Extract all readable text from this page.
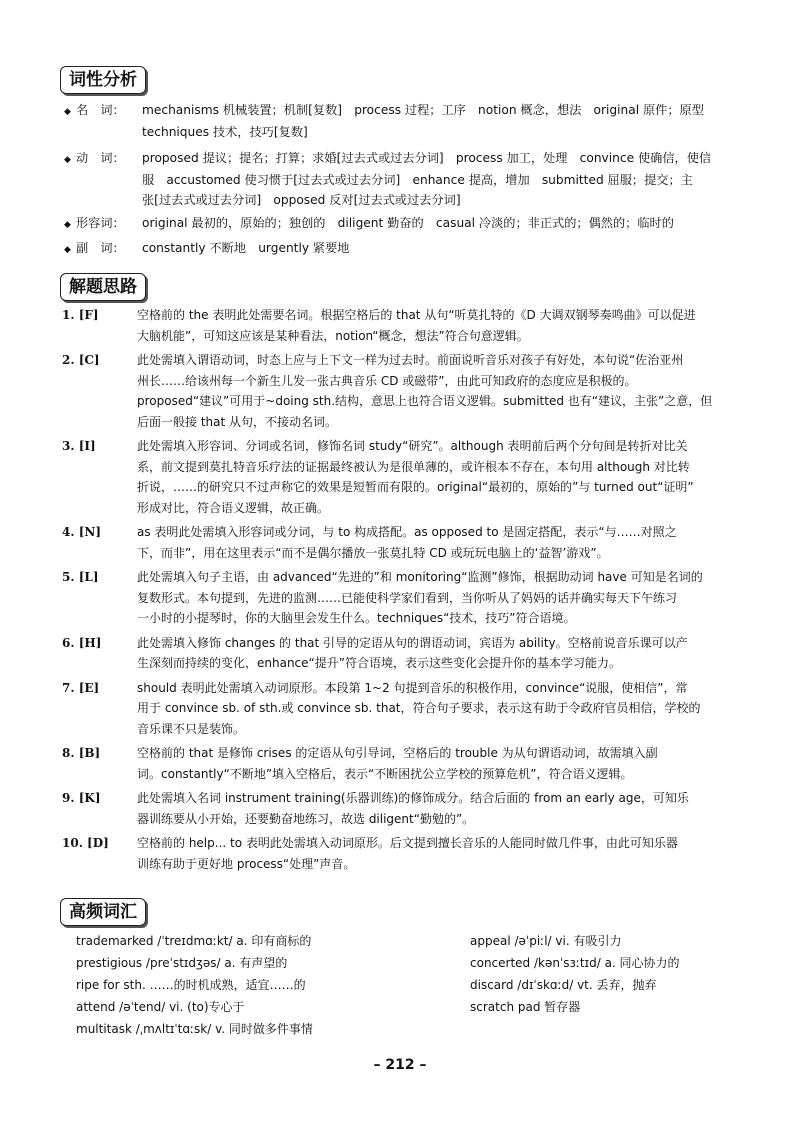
词性分析
◆ 名　词： mechanisms 机械装置；机制[复数]　process 过程；工序　notion 概念，想法　original 原件；原型
techniques 技术，技巧[复数]
◆ 动　词： proposed 提议；提名；打算；求婚[过去式或过去分词]　process 加工，处理　convince 使确信，使信
服　accustomed 使习惯于[过去式或过去分词]　enhance 提高，增加　submitted 屈服；提交；主
张[过去式或过去分词]　opposed 反对[过去式或过去分词]
◆ 形容词： original 最初的，原始的；独创的　diligent 勤奋的　casual 冷淡的；非正式的；偶然的；临时的
◆ 副　词： constantly 不断地　urgently 紧要地
解题思路
1. [F]	空格前的 the 表明此处需要名词。根据空格后的 that 从句“听莫扎特的《D 大调双钢琴奏鸣曲》可以促进
大脑机能”，可知这应该是某种看法，notion“概念，想法”符合句意逻辑。
2. [C]	此处需填入谓语动词，时态上应与上下文一样为过去时。前面说听音乐对孩子有好处，本句说“佐治亚州
州长……给该州每一个新生儿发一张古典音乐 CD 或磁带”，由此可知政府的态度应是积极的。
proposed“建议”可用于~doing sth.结构，意思上也符合语义逻辑。submitted 也有“建议，主张”之意，但
后面一般接 that 从句，不接动名词。
3. [I]	此处需填入形容词、分词或名词，修饰名词 study“研究”。although 表明前后两个分句间是转折对比关
系，前文提到莫扎特音乐疗法的证据最终被认为是很单薄的，或许根本不存在，本句用 although 对比转
折说，……的研究只不过声称它的效果是短暂而有限的。original“最初的，原始的”与 turned out“证明”
形成对比，符合语义逻辑，故正确。
4. [N]	as 表明此处需填入形容词或分词，与 to 构成搭配。as opposed to 是固定搭配，表示“与……对照之
下，而非”，用在这里表示“而不是偶尔播放一张莫扎特 CD 或玩玩电脑上的‘益智’游戏”。
5. [L]	此处需填入句子主语，由 advanced“先进的”和 monitoring“监测”修饰，根据助动词 have 可知是名词的
复数形式。本句提到，先进的监测……已能使科学家们看到，当你听从了妈妈的话并确实每天下午练习
一小时的小提琴时，你的大脑里会发生什么。techniques“技术，技巧”符合语境。
6. [H]	此处需填入修饰 changes 的 that 引导的定语从句的谓语动词，宾语为 ability。空格前说音乐课可以产
生深刻而持续的变化，enhance“提升”符合语境，表示这些变化会提升你的基本学习能力。
7. [E]	should 表明此处需填入动词原形。本段第 1~2 句提到音乐的积极作用，convince“说服，使相信”，常
用于 convince sb. of sth.或 convince sb. that，符合句子要求，表示这有助于令政府官员相信，学校的
音乐课不只是装饰。
8. [B]	空格前的 that 是修饰 crises 的定语从句引导词，空格后的 trouble 为从句谓语动词，故需填入副
词。constantly“不断地”填入空格后，表示“不断困扰公立学校的预算危机”，符合语义逻辑。
9. [K]	此处需填入名词 instrument training(乐器训练)的修饰成分。结合后面的 from an early age，可知乐
器训练要从小开始，还要勤奋地练习，故选 diligent“勤勉的”。
10. [D] 空格前的 help... to 表明此处需填入动词原形。后文提到擅长音乐的人能同时做几件事，由此可知乐器
训练有助于更好地 process“处理”声音。
高频词汇
trademarked /ˈtreɪdmɑːkt/ a. 印有商标的
prestigious /preˈstɪdʒəs/ a. 有声望的
ripe for sth. ……的时机成熟，适宜……的
attend /əˈtend/ vi. (to)专心于
multitask /ˌmʌltɪˈtɑːsk/ v. 同时做多件事情
appeal /əˈpiːl/ vi. 有吸引力
concerted /kənˈsɜːtɪd/ a. 同心协力的
discard /dɪˈskɑːd/ vt. 丢弃，抛弃
scratch pad 暂存器
– 212 –
